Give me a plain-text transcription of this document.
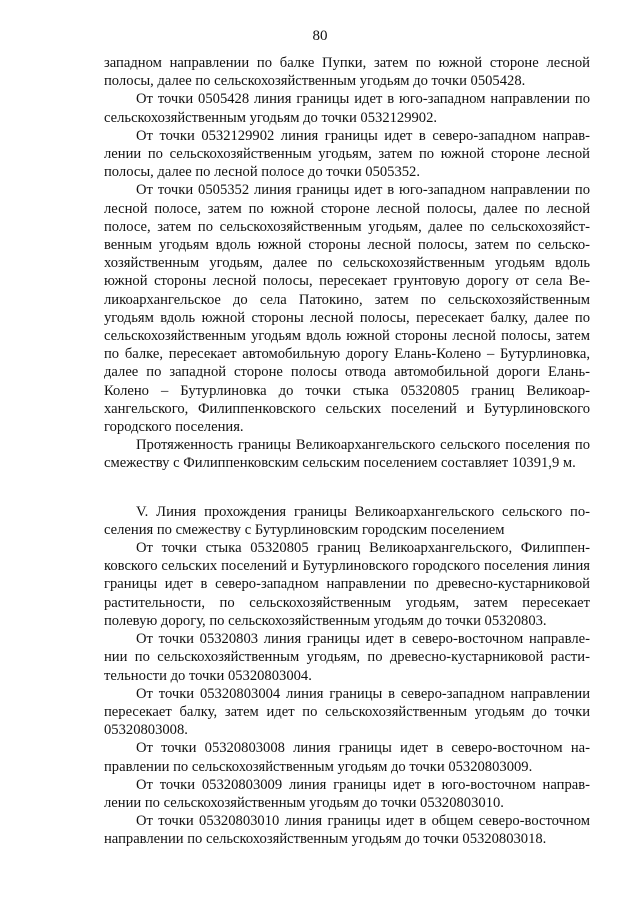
80

западном направлении по балке Пупки, затем по южной стороне лесной полосы, далее по сельскохозяйственным угодьям до точки 0505428.

От точки 0505428 линия границы идет в юго-западном направлении по сельскохозяйственным угодьям до точки 0532129902.

От точки 0532129902 линия границы идет в северо-западном направлении по сельскохозяйственным угодьям, затем по южной стороне лесной полосы, далее по лесной полосе до точки 0505352.

От точки 0505352 линия границы идет в юго-западном направлении по лесной полосе, затем по южной стороне лесной полосы, далее по лесной полосе, затем по сельскохозяйственным угодьям, далее по сельскохозяйственным угодьям вдоль южной стороны лесной полосы, затем по сельскохозяйственным угодьям, далее по сельскохозяйственным угодьям вдоль южной стороны лесной полосы, пересекает грунтовую дорогу от села Великоархангельское до села Патокино, затем по сельскохозяйственным угодьям вдоль южной стороны лесной полосы, пересекает балку, далее по сельскохозяйственным угодьям вдоль южной стороны лесной полосы, затем по балке, пересекает автомобильную дорогу Елань-Колено – Бутурлиновка, далее по западной стороне полосы отвода автомобильной дороги Елань-Колено – Бутурлиновка до точки стыка 05320805 границ Великоархангельского, Филиппенковского сельских поселений и Бутурлиновского городского поселения.

Протяженность границы Великоархангельского сельского поселения по смежеству с Филиппенковским сельским поселением составляет 10391,9 м.

V. Линия прохождения границы Великоархангельского сельского поселения по смежеству с Бутурлиновским городским поселением

От точки стыка 05320805 границ Великоархангельского, Филиппенковского сельских поселений и Бутурлиновского городского поселения линия границы идет в северо-западном направлении по древесно-кустарниковой растительности, по сельскохозяйственным угодьям, затем пересекает полевую дорогу, по сельскохозяйственным угодьям до точки 05320803.

От точки 05320803 линия границы идет в северо-восточном направлении по сельскохозяйственным угодьям, по древесно-кустарниковой растительности до точки 05320803004.

От точки 05320803004 линия границы в северо-западном направлении пересекает балку, затем идет по сельскохозяйственным угодьям до точки 05320803008.

От точки 05320803008 линия границы идет в северо-восточном направлении по сельскохозяйственным угодьям до точки 05320803009.

От точки 05320803009 линия границы идет в юго-восточном направлении по сельскохозяйственным угодьям до точки 05320803010.

От точки 05320803010 линия границы идет в общем северо-восточном направлении по сельскохозяйственным угодьям до точки 05320803018.
